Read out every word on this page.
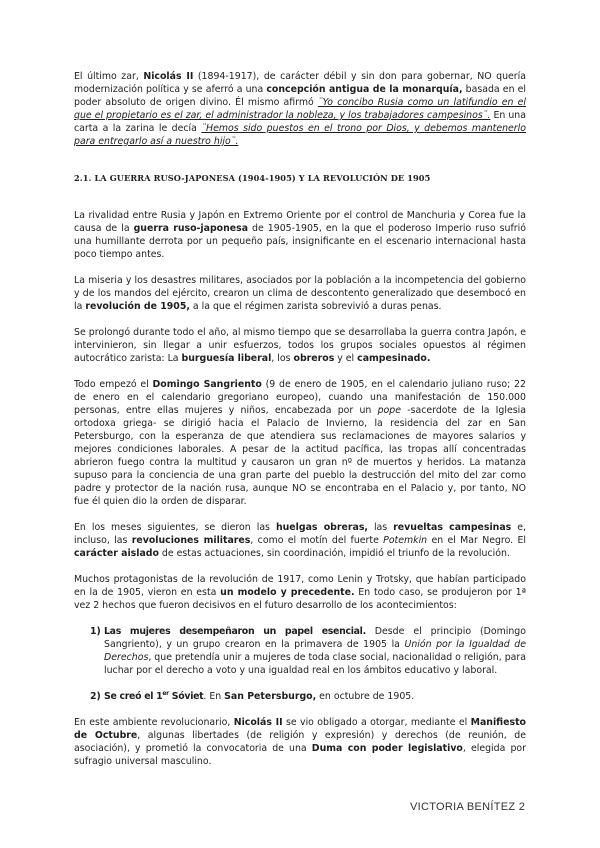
El último zar, Nicolás II (1894-1917), de carácter débil y sin don para gobernar, NO quería modernización política y se aferró a una concepción antigua de la monarquía, basada en el poder absoluto de origen divino. Él mismo afirmó ¨Yo concibo Rusia como un latifundio en el que el propietario es el zar, el administrador la nobleza, y los trabajadores campesinos¨. En una carta a la zarina le decía ¨Hemos sido puestos en el trono por Dios, y debemos mantenerlo para entregarlo así a nuestro hijo¨.

2.1. LA GUERRA RUSO-JAPONESA (1904-1905) Y LA REVOLUCIÓN DE 1905

La rivalidad entre Rusia y Japón en Extremo Oriente por el control de Manchuria y Corea fue la causa de la guerra ruso-japonesa de 1905-1905, en la que el poderoso Imperio ruso sufrió una humillante derrota por un pequeño país, insignificante en el escenario internacional hasta poco tiempo antes.

La miseria y los desastres militares, asociados por la población a la incompetencia del gobierno y de los mandos del ejército, crearon un clima de descontento generalizado que desembocó en la revolución de 1905, a la que el régimen zarista sobrevivió a duras penas.

Se prolongó durante todo el año, al mismo tiempo que se desarrollaba la guerra contra Japón, e intervinieron, sin llegar a unir esfuerzos, todos los grupos sociales opuestos al régimen autocrático zarista: La burguesía liberal, los obreros y el campesinado.

Todo empezó el Domingo Sangriento (9 de enero de 1905, en el calendario juliano ruso; 22 de enero en el calendario gregoriano europeo), cuando una manifestación de 150.000 personas, entre ellas mujeres y niños, encabezada por un pope -sacerdote de la Iglesia ortodoxa griega- se dirigió hacia el Palacio de Invierno, la residencia del zar en San Petersburgo, con la esperanza de que atendiera sus reclamaciones de mayores salarios y mejores condiciones laborales. A pesar de la actitud pacífica, las tropas allí concentradas abrieron fuego contra la multitud y causaron un gran nº de muertos y heridos. La matanza supuso para la conciencia de una gran parte del pueblo la destrucción del mito del zar como padre y protector de la nación rusa, aunque NO se encontraba en el Palacio y, por tanto, NO fue él quien dio la orden de disparar.

En los meses siguientes, se dieron las huelgas obreras, las revueltas campesinas e, incluso, las revoluciones militares, como el motín del fuerte Potemkin en el Mar Negro. El carácter aislado de estas actuaciones, sin coordinación, impidió el triunfo de la revolución.

Muchos protagonistas de la revolución de 1917, como Lenin y Trotsky, que habían participado en la de 1905, vieron en esta un modelo y precedente. En todo caso, se produjeron por 1ª vez 2 hechos que fueron decisivos en el futuro desarrollo de los acontecimientos:

1) Las mujeres desempeñaron un papel esencial. Desde el principio (Domingo Sangriento), y un grupo crearon en la primavera de 1905 la Unión por la Igualdad de Derechos, que pretendía unir a mujeres de toda clase social, nacionalidad o religión, para luchar por el derecho a voto y una igualdad real en los ámbitos educativo y laboral.

2) Se creó el 1er Sóviet. En San Petersburgo, en octubre de 1905.

En este ambiente revolucionario, Nicolás II se vio obligado a otorgar, mediante el Manifiesto de Octubre, algunas libertades (de religión y expresión) y derechos (de reunión, de asociación), y prometió la convocatoria de una Duma con poder legislativo, elegida por sufragio universal masculino.

VICTORIA BENÍTEZ 2
